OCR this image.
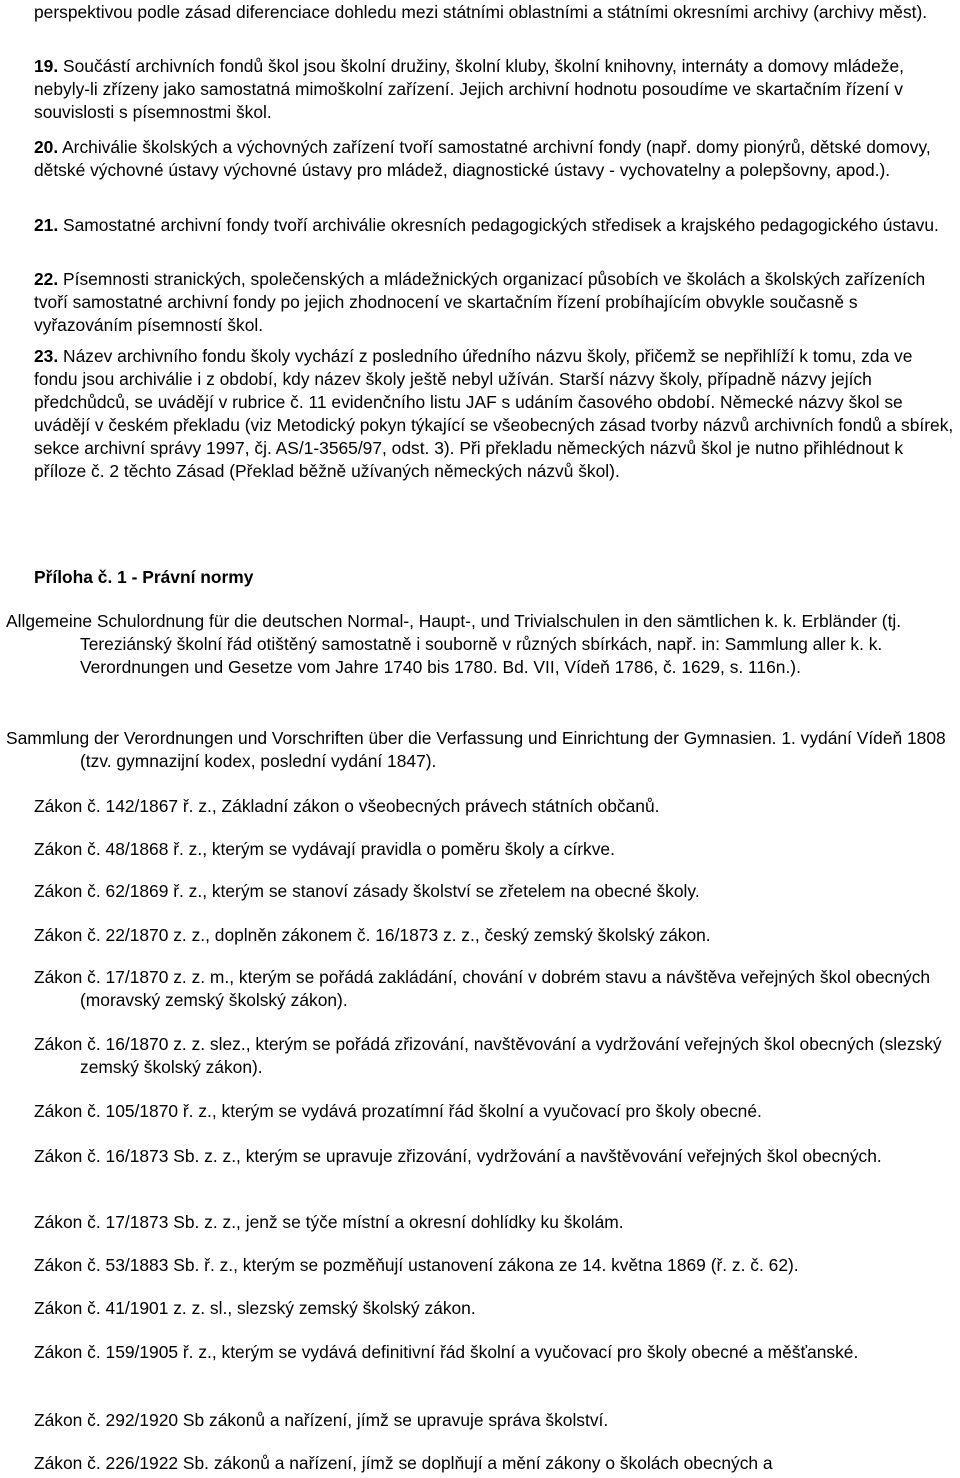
perspektivou podle zásad diferenciace dohledu mezi státními oblastními a státními okresními archivy (archivy měst).

19. Součástí archivních fondů škol jsou školní družiny, školní kluby, školní knihovny, internáty a domovy mládeže, nebyly-li zřízeny jako samostatná mimoškolní zařízení. Jejich archivní hodnotu posoudíme ve skartačním řízení v souvislosti s písemnostmi škol.

20. Archiválie školských a výchovných zařízení tvoří samostatné archivní fondy (např. domy pionýrů, dětské domovy, dětské výchovné ústavy výchovné ústavy pro mládež, diagnostické ústavy - vychovatelny a polepšovny, apod.).

21. Samostatné archivní fondy tvoří archiválie okresních pedagogických středisek a krajského pedagogického ústavu.

22. Písemnosti stranických, společenských a mládežnických organizací působích ve školách a školských zařízeních tvoří samostatné archivní fondy po jejich zhodnocení ve skartačním řízení probíhajícím obvykle současně s vyřazováním písemností škol.

23. Název archivního fondu školy vychází z posledního úředního názvu školy, přičemž se nepřihlíží k tomu, zda ve fondu jsou archiválie i z období, kdy název školy ještě nebyl užíván. Starší názvy školy, případně názvy jejích předchůdců, se uvádějí v rubrice č. 11 evidenčního listu JAF s udáním časového období. Německé názvy škol se uvádějí v českém překladu (viz Metodický pokyn týkající se všeobecných zásad tvorby názvů archivních fondů a sbírek, sekce archivní správy 1997, čj. AS/1-3565/97, odst. 3). Při překladu německých názvů škol je nutno přihlédnout k příloze č. 2 těchto Zásad (Překlad běžně užívaných německých názvů škol).

Příloha č. 1 - Právní normy

Allgemeine Schulordnung für die deutschen Normal-, Haupt-, und Trivialschulen in den sämtlichen k. k. Erbländer (tj. Tereziánský školní řád otištěný samostatně i souborně v různých sbírkách, např. in: Sammlung aller k. k. Verordnungen und Gesetze vom Jahre 1740 bis 1780. Bd. VII, Vídeň 1786, č. 1629, s. 116n.).

Sammlung der Verordnungen und Vorschriften über die Verfassung und Einrichtung der Gymnasien. 1. vydání Vídeň 1808 (tzv. gymnazijní kodex, poslední vydání 1847).

Zákon č. 142/1867 ř. z., Základní zákon o všeobecných právech státních občanů.

Zákon č. 48/1868 ř. z., kterým se vydávají pravidla o poměru školy a církve.

Zákon č. 62/1869 ř. z., kterým se stanoví zásady školství se zřetelem na obecné školy.

Zákon č. 22/1870 z. z., doplněn zákonem č. 16/1873 z. z., český zemský školský zákon.

Zákon č. 17/1870 z. z. m., kterým se pořádá zakládání, chování v dobrém stavu a návštěva veřejných škol obecných (moravský zemský školský zákon).

Zákon č. 16/1870 z. z. slez., kterým se pořádá zřizování, navštěvování a vydržování veřejných škol obecných (slezský zemský školský zákon).

Zákon č. 105/1870 ř. z., kterým se vydává prozatímní řád školní a vyučovací pro školy obecné.

Zákon č. 16/1873 Sb. z. z., kterým se upravuje zřizování, vydržování a navštěvování veřejných škol obecných.

Zákon č. 17/1873 Sb. z. z., jenž se týče místní a okresní dohlídky ku školám.

Zákon č. 53/1883 Sb. ř. z., kterým se pozměňují ustanovení zákona ze 14. května 1869 (ř. z. č. 62).

Zákon č. 41/1901 z. z. sl., slezský zemský školský zákon.

Zákon č. 159/1905 ř. z., kterým se vydává definitivní řád školní a vyučovací pro školy obecné a měšťanské.

Zákon č. 292/1920 Sb zákonů a nařízení, jímž se upravuje správa školství.

Zákon č. 226/1922 Sb. zákonů a nařízení, jímž se doplňují a mění zákony o školách obecných a
